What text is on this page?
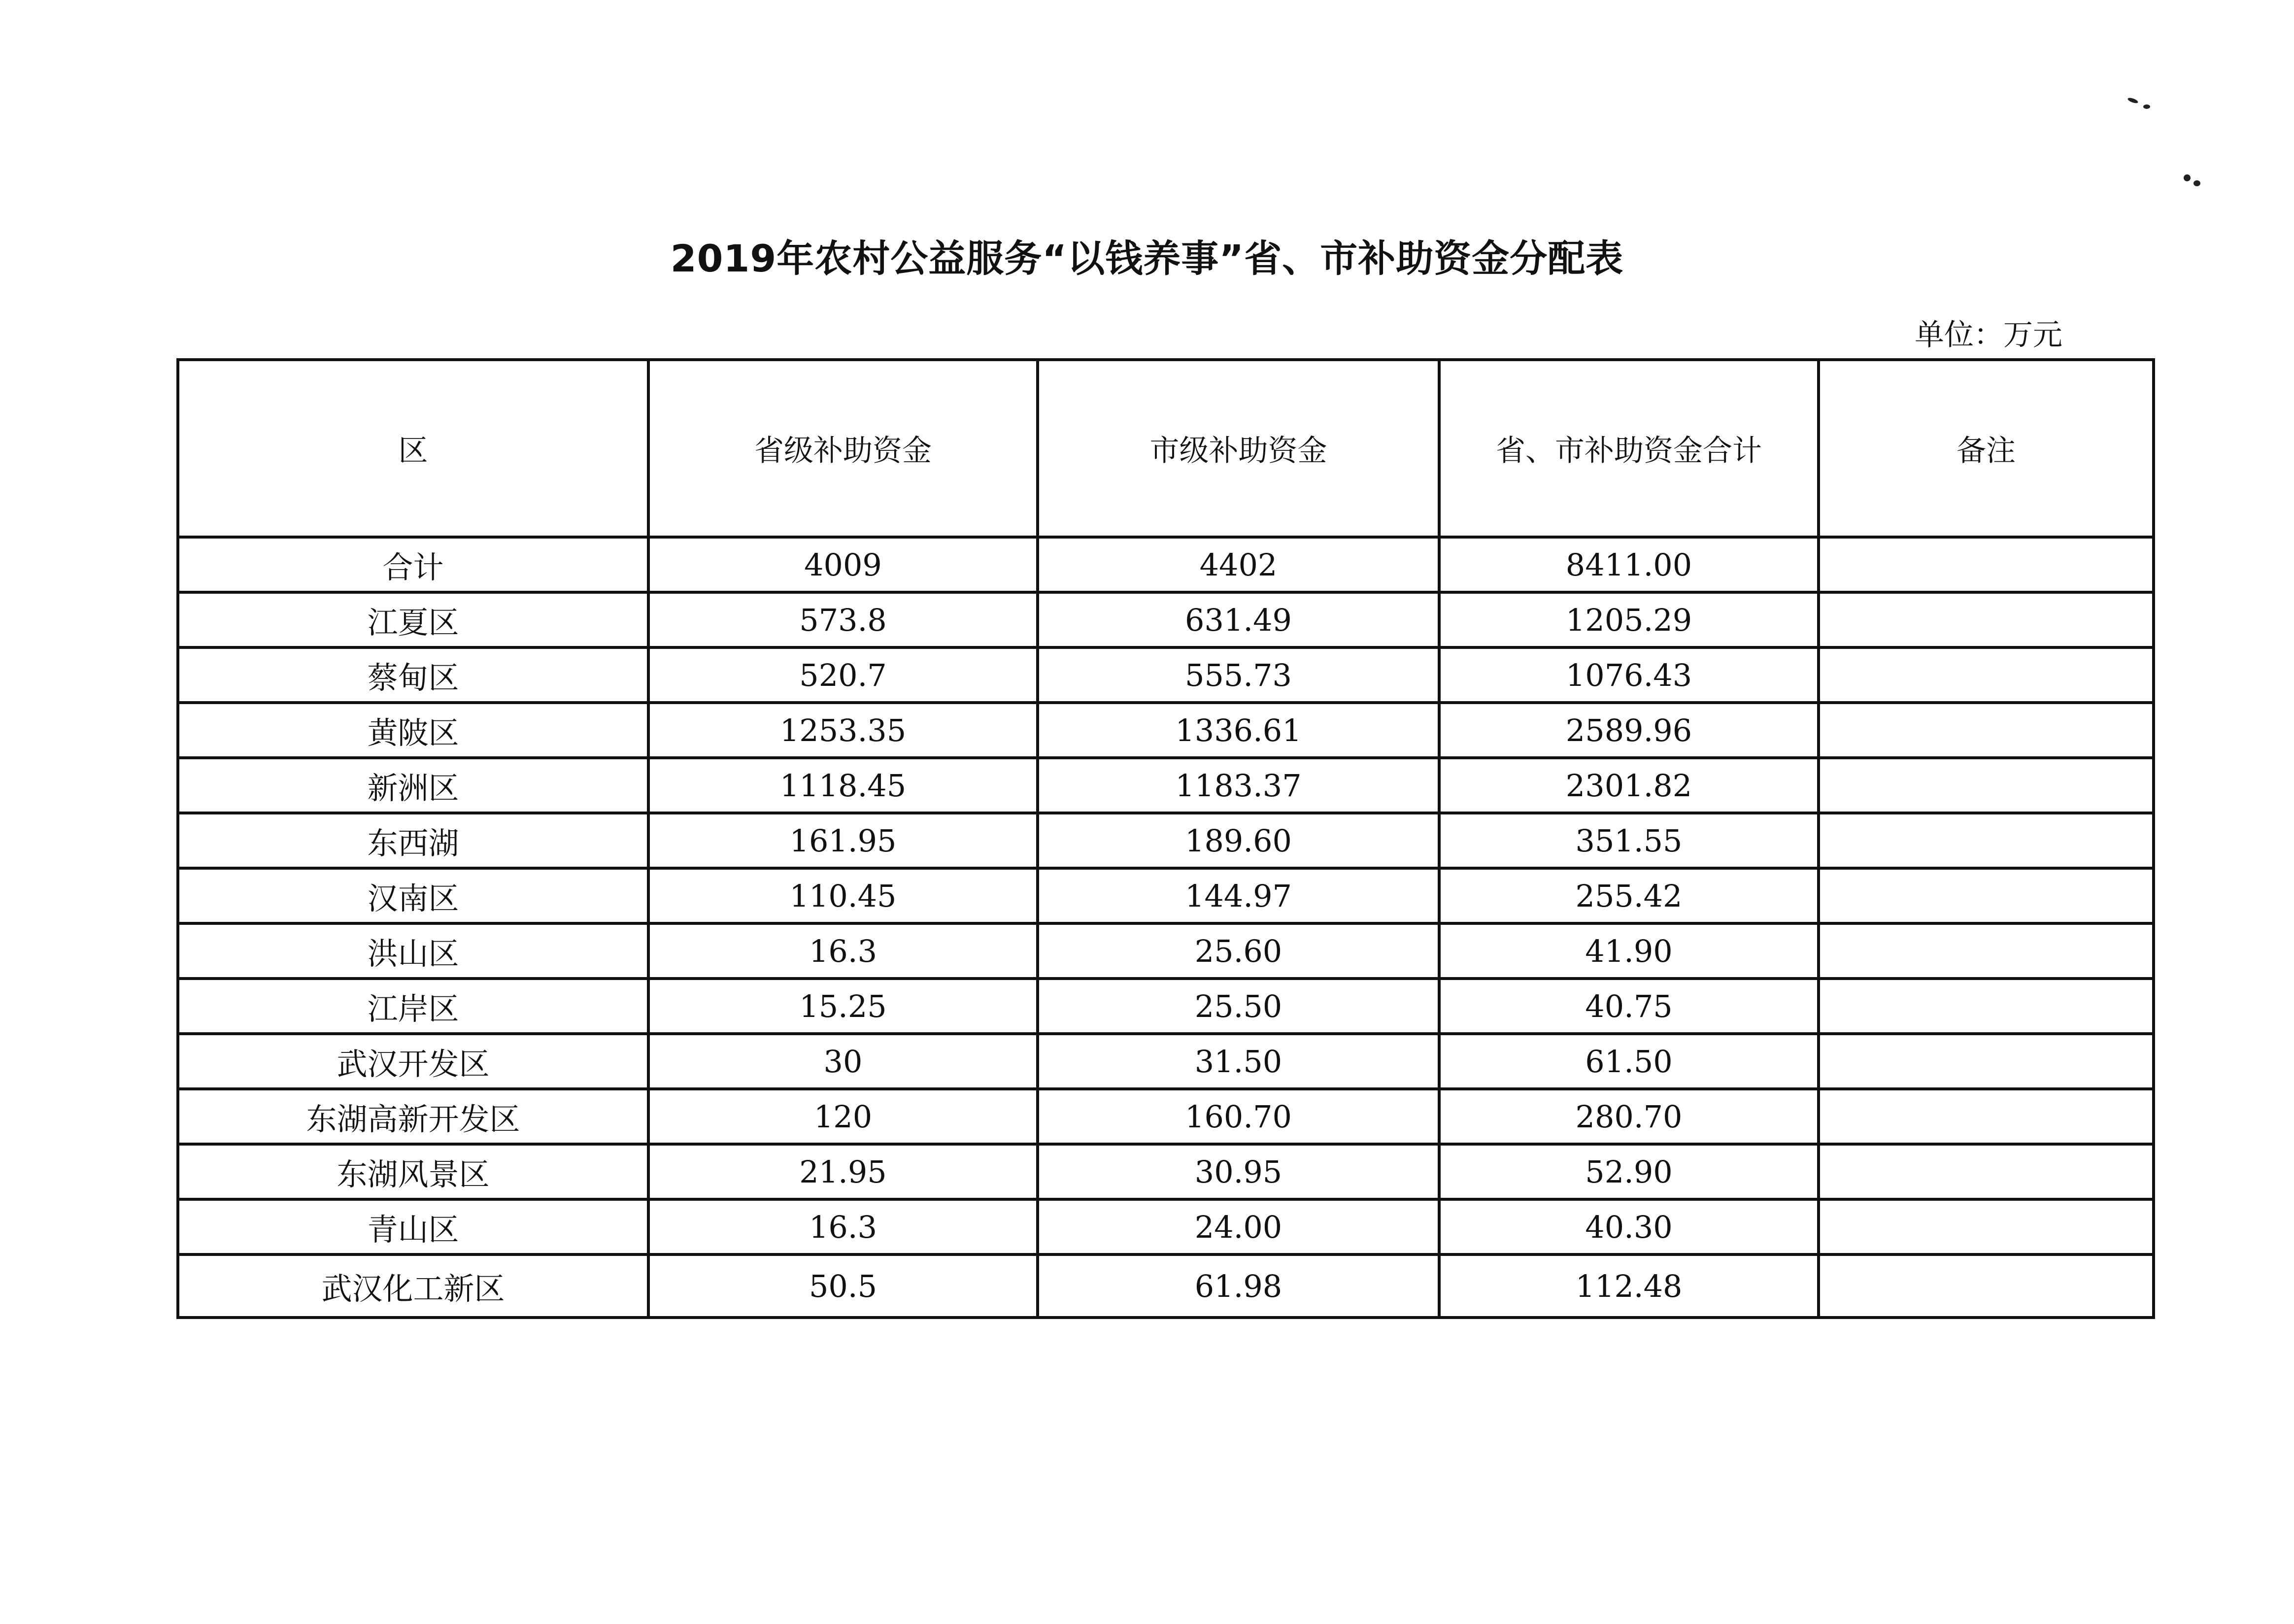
2019年农村公益服务“以钱养事”省、市补助资金分配表
单位：万元
区	省级补助资金	市级补助资金	省、市补助资金合计	备注
合计	4009	4402	8411.00	
江夏区	573.8	631.49	1205.29	
蔡甸区	520.7	555.73	1076.43	
黄陂区	1253.35	1336.61	2589.96	
新洲区	1118.45	1183.37	2301.82	
东西湖	161.95	189.60	351.55	
汉南区	110.45	144.97	255.42	
洪山区	16.3	25.60	41.90	
江岸区	15.25	25.50	40.75	
武汉开发区	30	31.50	61.50	
东湖高新开发区	120	160.70	280.70	
东湖风景区	21.95	30.95	52.90	
青山区	16.3	24.00	40.30	
武汉化工新区	50.5	61.98	112.48	
